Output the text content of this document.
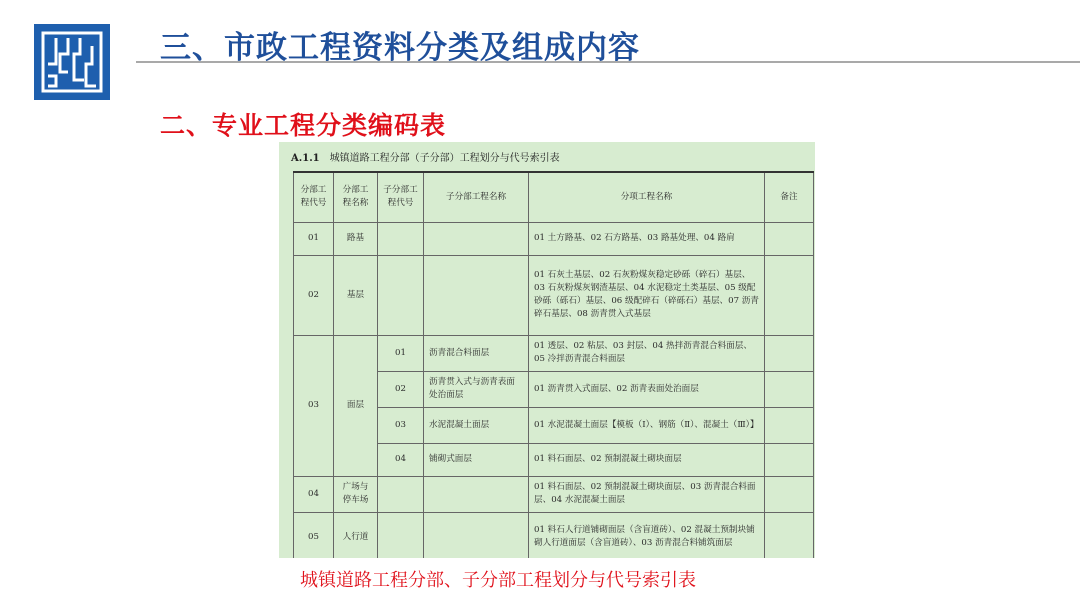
三、市政工程资料分类及组成内容
二、专业工程分类编码表
A.1.1 城镇道路工程分部（子分部）工程划分与代号索引表
分部工程代号	分部工程名称	子分部工程代号	子分部工程名称	分项工程名称	备注
01	路基			01 土方路基、02 石方路基、03 路基处理、04 路肩	
02	基层			01 石灰土基层、02 石灰粉煤灰稳定砂砾（碎石）基层、03 石灰粉煤灰钢渣基层、04 水泥稳定土类基层、05 级配砂砾（砾石）基层、06 级配碎石（碎砾石）基层、07 沥青碎石基层、08 沥青贯入式基层	
03	面层	01	沥青混合料面层	01 透层、02 粘层、03 封层、04 热拌沥青混合料面层、05 冷拌沥青混合料面层	
		02	沥青贯入式与沥青表面处治面层	01 沥青贯入式面层、02 沥青表面处治面层	
		03	水泥混凝土面层	01 水泥混凝土面层【模板（Ⅰ）、钢筋（Ⅱ）、混凝土（Ⅲ）】	
		04	铺砌式面层	01 料石面层、02 预制混凝土砌块面层	
04	广场与停车场			01 料石面层、02 预制混凝土砌块面层、03 沥青混合料面层、04 水泥混凝土面层	
05	人行道			01 料石人行道铺砌面层（含盲道砖）、02 混凝土预制块铺砌人行道面层（含盲道砖）、03 沥青混合料铺筑面层	
城镇道路工程分部、子分部工程划分与代号索引表
